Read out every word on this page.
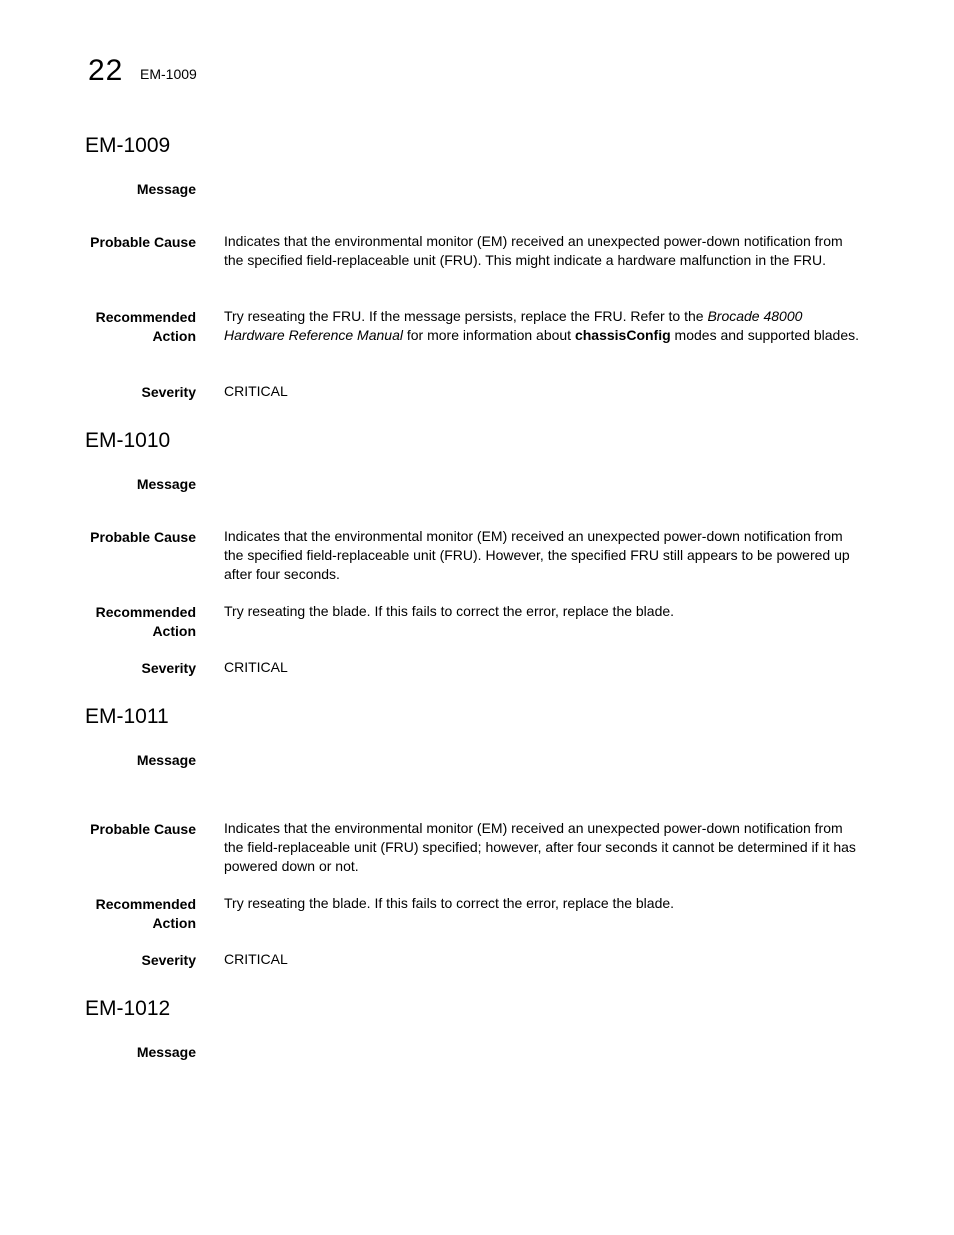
22 EM-1009
EM-1009
Message
Probable Cause Indicates that the environmental monitor (EM) received an unexpected power-down notification from the specified field-replaceable unit (FRU). This might indicate a hardware malfunction in the FRU.
Recommended
Action
Try reseating the FRU. If the message persists, replace the FRU. Refer to the Brocade 48000 Hardware Reference Manual for more information about chassisConfig modes and supported blades.
Severity CRITICAL
EM-1010
Message
Probable Cause Indicates that the environmental monitor (EM) received an unexpected power-down notification from the specified field-replaceable unit (FRU). However, the specified FRU still appears to be powered up after four seconds.
Recommended
Action
Try reseating the blade. If this fails to correct the error, replace the blade.
Severity CRITICAL
EM-1011
Message
Probable Cause Indicates that the environmental monitor (EM) received an unexpected power-down notification from the field-replaceable unit (FRU) specified; however, after four seconds it cannot be determined if it has powered down or not.
Recommended
Action
Try reseating the blade. If this fails to correct the error, replace the blade.
Severity CRITICAL
EM-1012
Message
